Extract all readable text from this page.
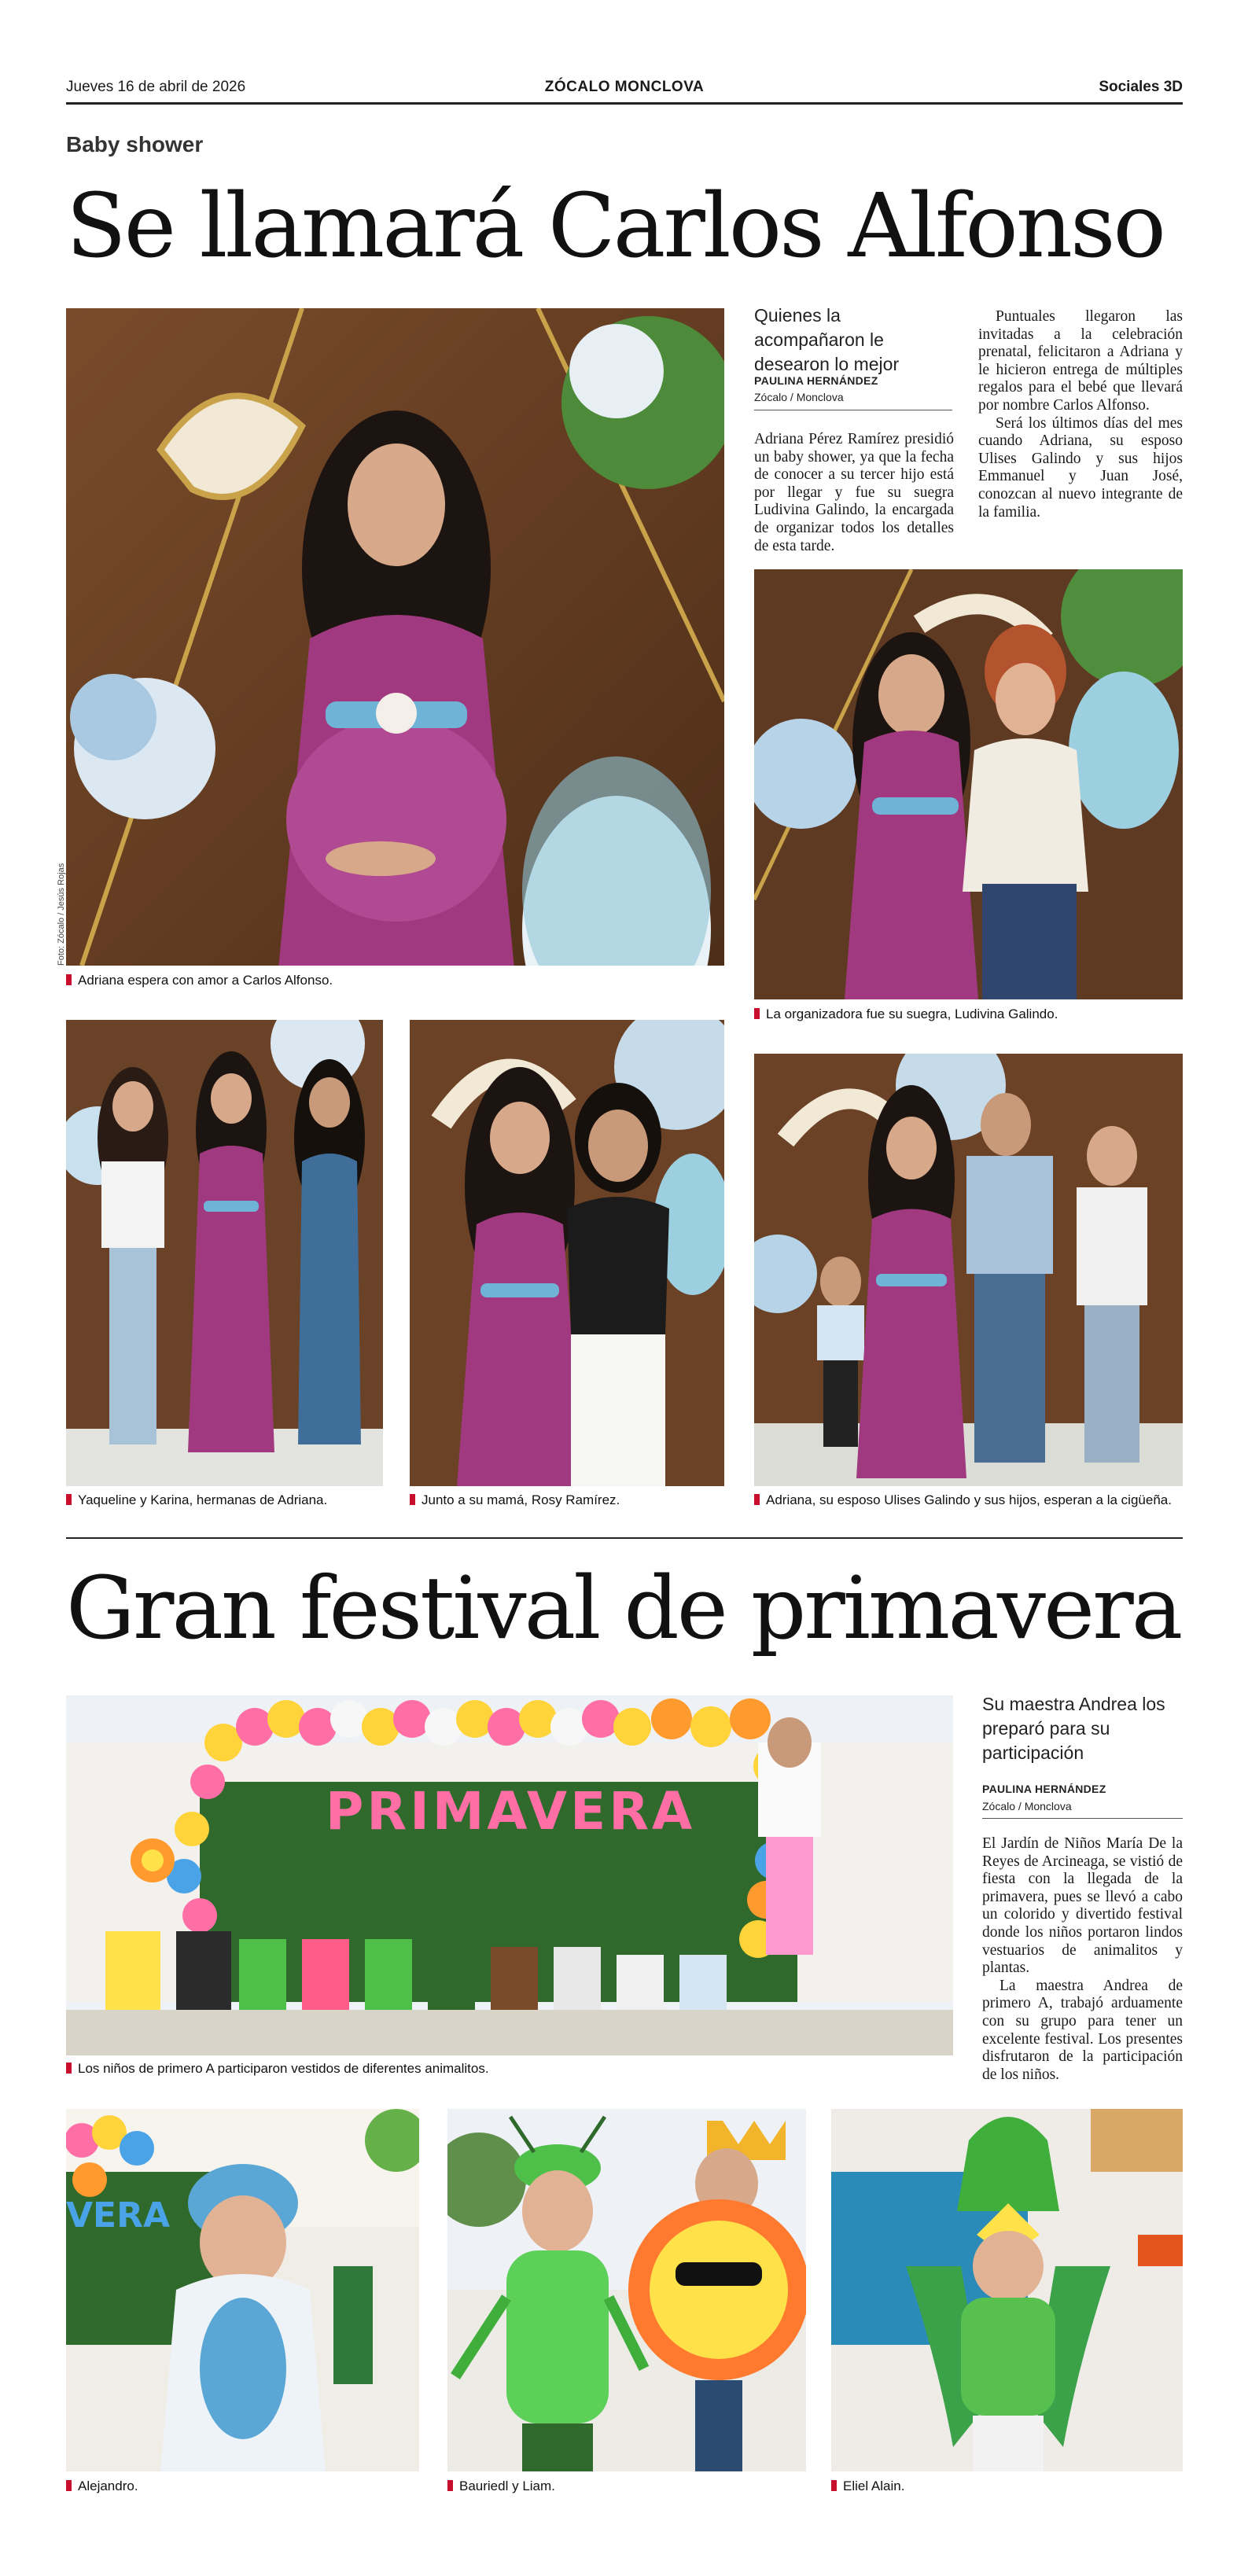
Jueves 16 de abril de 2026	ZÓCALO MONCLOVA	Sociales 3D
Baby shower
Se llamará Carlos Alfonso
Foto: Zócalo / Jesús Rojas
Adriana espera con amor a Carlos Alfonso.
Quienes la acompañaron le desearon lo mejor
PAULINA HERNÁNDEZ
Zócalo / Monclova

Adriana Pérez Ramírez presidió un baby shower, ya que la fecha de conocer a su tercer hijo está por llegar y fue su suegra Ludivina Galindo, la encargada de organizar todos los detalles de esta tarde.

Puntuales llegaron las invitadas a la celebración prenatal, felicitaron a Adriana y le hicieron entrega de múltiples regalos para el bebé que llevará por nombre Carlos Alfonso.

Será los últimos días del mes cuando Adriana, su esposo Ulises Galindo y sus hijos Emmanuel y Juan José, conozcan al nuevo integrante de la familia.

La organizadora fue su suegra, Ludivina Galindo.
Yaqueline y Karina, hermanas de Adriana.	Junto a su mamá, Rosy Ramírez.	Adriana, su esposo Ulises Galindo y sus hijos, esperan a la cigüeña.
Gran festival de primavera
PRIMAVERA
Los niños de primero A participaron vestidos de diferentes animalitos.
Su maestra Andrea los preparó para su participación
PAULINA HERNÁNDEZ
Zócalo / Monclova

El Jardín de Niños María De la Reyes de Arcineaga, se vistió de fiesta con la llegada de la primavera, pues se llevó a cabo un colorido y divertido festival donde los niños portaron lindos vestuarios de animalitos y plantas.

La maestra Andrea de primero A, trabajó arduamente con su grupo para tener un excelente festival. Los presentes disfrutaron de la participación de los niños.

VERA
Alejandro.	Bauriedl y Liam.	Eliel Alain.
